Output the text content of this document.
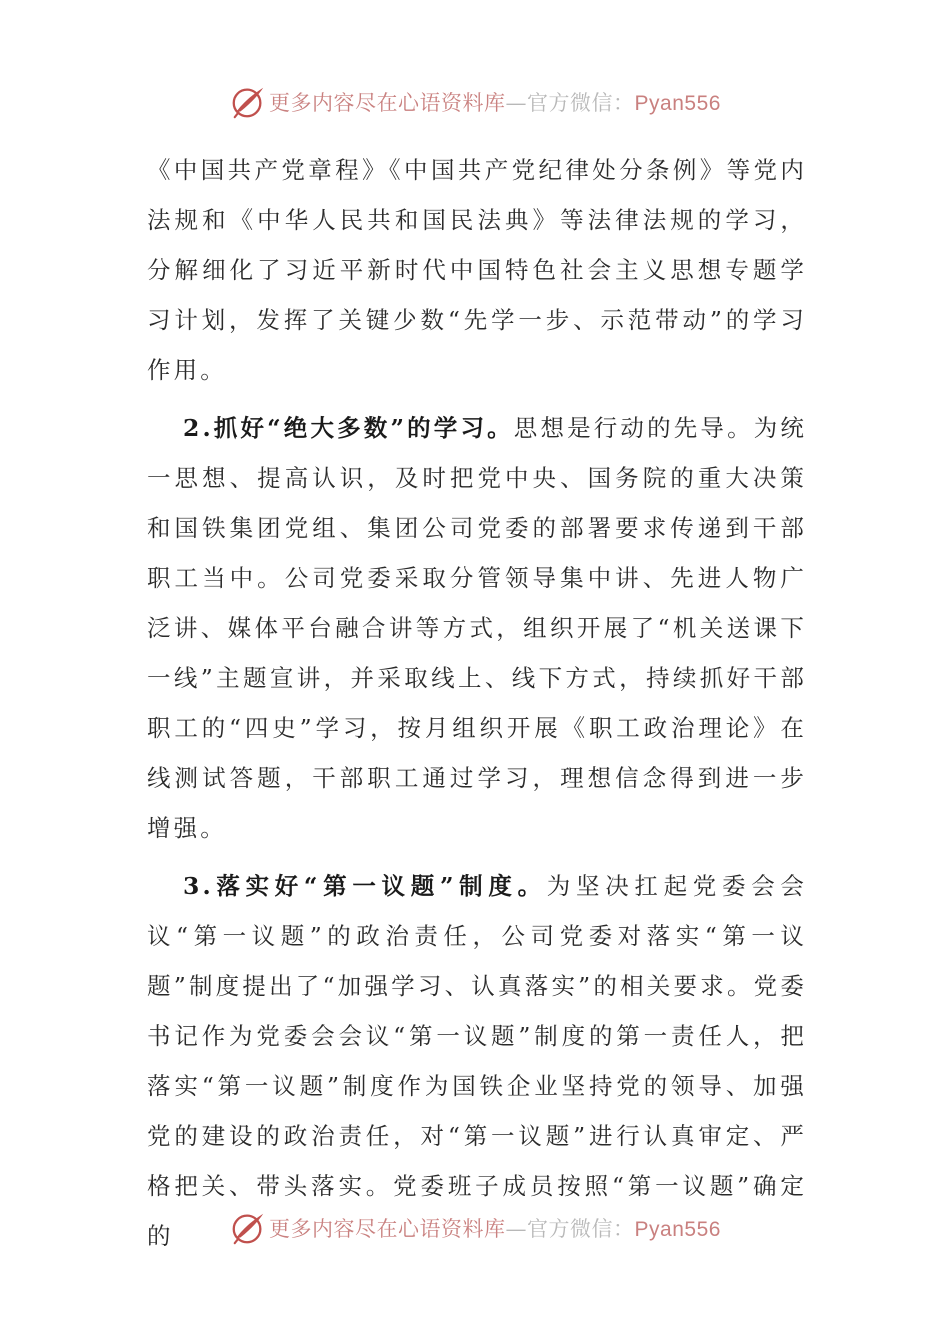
更多内容尽在心语资料库—官方微信：Pyan556

《中国共产党章程》《中国共产党纪律处分条例》等党内法规和《中华人民共和国民法典》等法律法规的学习，分解细化了习近平新时代中国特色社会主义思想专题学习计划，发挥了关键少数“先学一步、示范带动”的学习作用。

2.抓好“绝大多数”的学习。思想是行动的先导。为统一思想、提高认识，及时把党中央、国务院的重大决策和国铁集团党组、集团公司党委的部署要求传递到干部职工当中。公司党委采取分管领导集中讲、先进人物广泛讲、媒体平台融合讲等方式，组织开展了“机关送课下一线”主题宣讲，并采取线上、线下方式，持续抓好干部职工的“四史”学习，按月组织开展《职工政治理论》在线测试答题，干部职工通过学习，理想信念得到进一步增强。

3.落实好“第一议题”制度。为坚决扛起党委会会议“第一议题”的政治责任，公司党委对落实“第一议题”制度提出了“加强学习、认真落实”的相关要求。党委书记作为党委会会议“第一议题”制度的第一责任人，把落实“第一议题”制度作为国铁企业坚持党的领导、加强党的建设的政治责任，对“第一议题”进行认真审定、严格把关、带头落实。党委班子成员按照“第一议题”确定的	更多内容尽在心语资料库—官方微信：Pyan556
